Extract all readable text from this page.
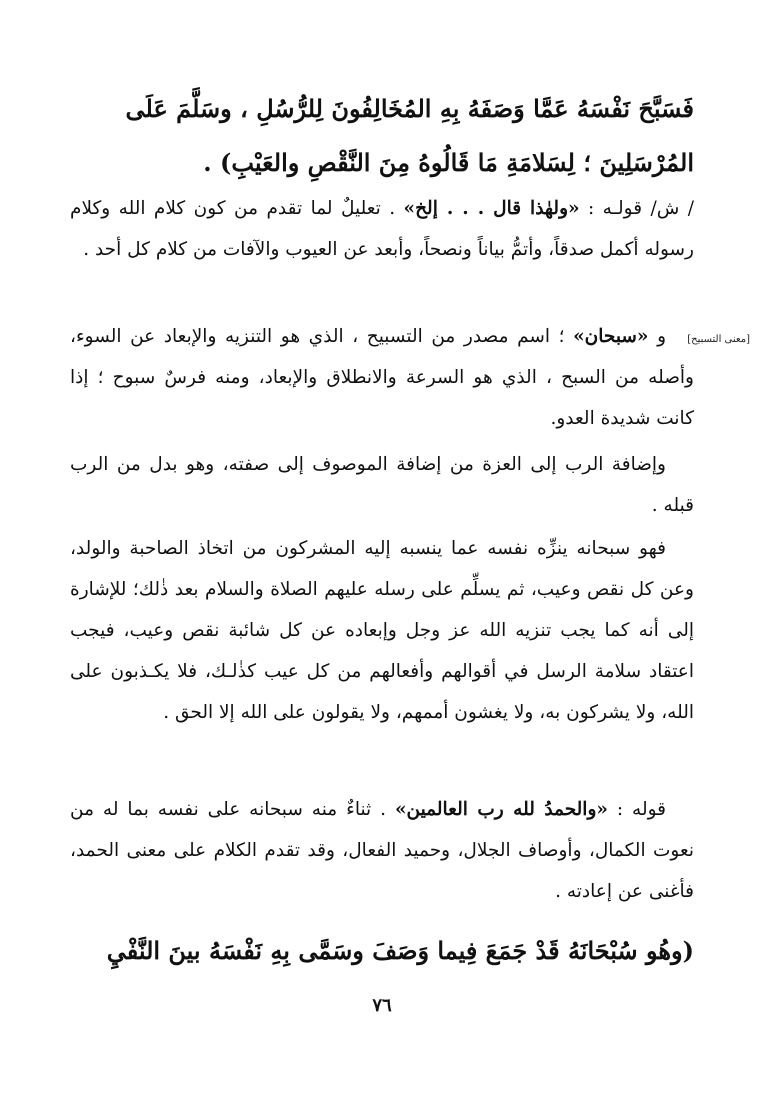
فَسَبَّحَ نَفْسَهُ عَمَّا وَصَفَهُ بِهِ المُخَالِفُونَ لِلرُّسُلِ ، وسَلَّمَ عَلَى
المُرْسَلِينَ ؛ لِسَلامَةِ مَا قَالُوهُ مِنَ النَّقْصِ والعَيْبِ) .
/ ش/ قولـه : «ولهٰذا قال . . . إلخ» . تعليلٌ لما تقدم من كون كلام الله وكلام رسوله أكمل صدقاً، وأتمُّ بياناً ونصحاً، وأبعد عن العيوب والآفات من كلام كل أحد .
[معنى التسبيح]
و «سبحان» ؛ اسم مصدر من التسبيح ، الذي هو التنزيه والإبعاد عن السوء، وأصله من السبح ، الذي هو السرعة والانطلاق والإبعاد، ومنه فرسٌ سبوح ؛ إذا كانت شديدة العدو.
وإضافة الرب إلى العزة من إضافة الموصوف إلى صفته، وهو بدل من الرب قبله .
فهو سبحانه ينزِّه نفسه عما ينسبه إليه المشركون من اتخاذ الصاحبة والولد، وعن كل نقص وعيب، ثم يسلِّم على رسله عليهم الصلاة والسلام بعد ذٰلك؛ للإشارة إلى أنه كما يجب تنزيه الله عز وجل وإبعاده عن كل شائبة نقص وعيب، فيجب اعتقاد سلامة الرسل في أقوالهم وأفعالهم من كل عيب كذٰلـك، فلا يكـذبون على الله، ولا يشركون به، ولا يغشون أممهم، ولا يقولون على الله إلا الحق .
قوله : «والحمدُ لله رب العالمين» . ثناءٌ منه سبحانه على نفسه بما له من نعوت الكمال، وأوصاف الجلال، وحميد الفعال، وقد تقدم الكلام على معنى الحمد، فأغنى عن إعادته .
(وهُو سُبْحَانَهُ قَدْ جَمَعَ فِيما وَصَفَ وسَمَّى بِهِ نَفْسَهُ بينَ النَّفْيِ
٧٦
